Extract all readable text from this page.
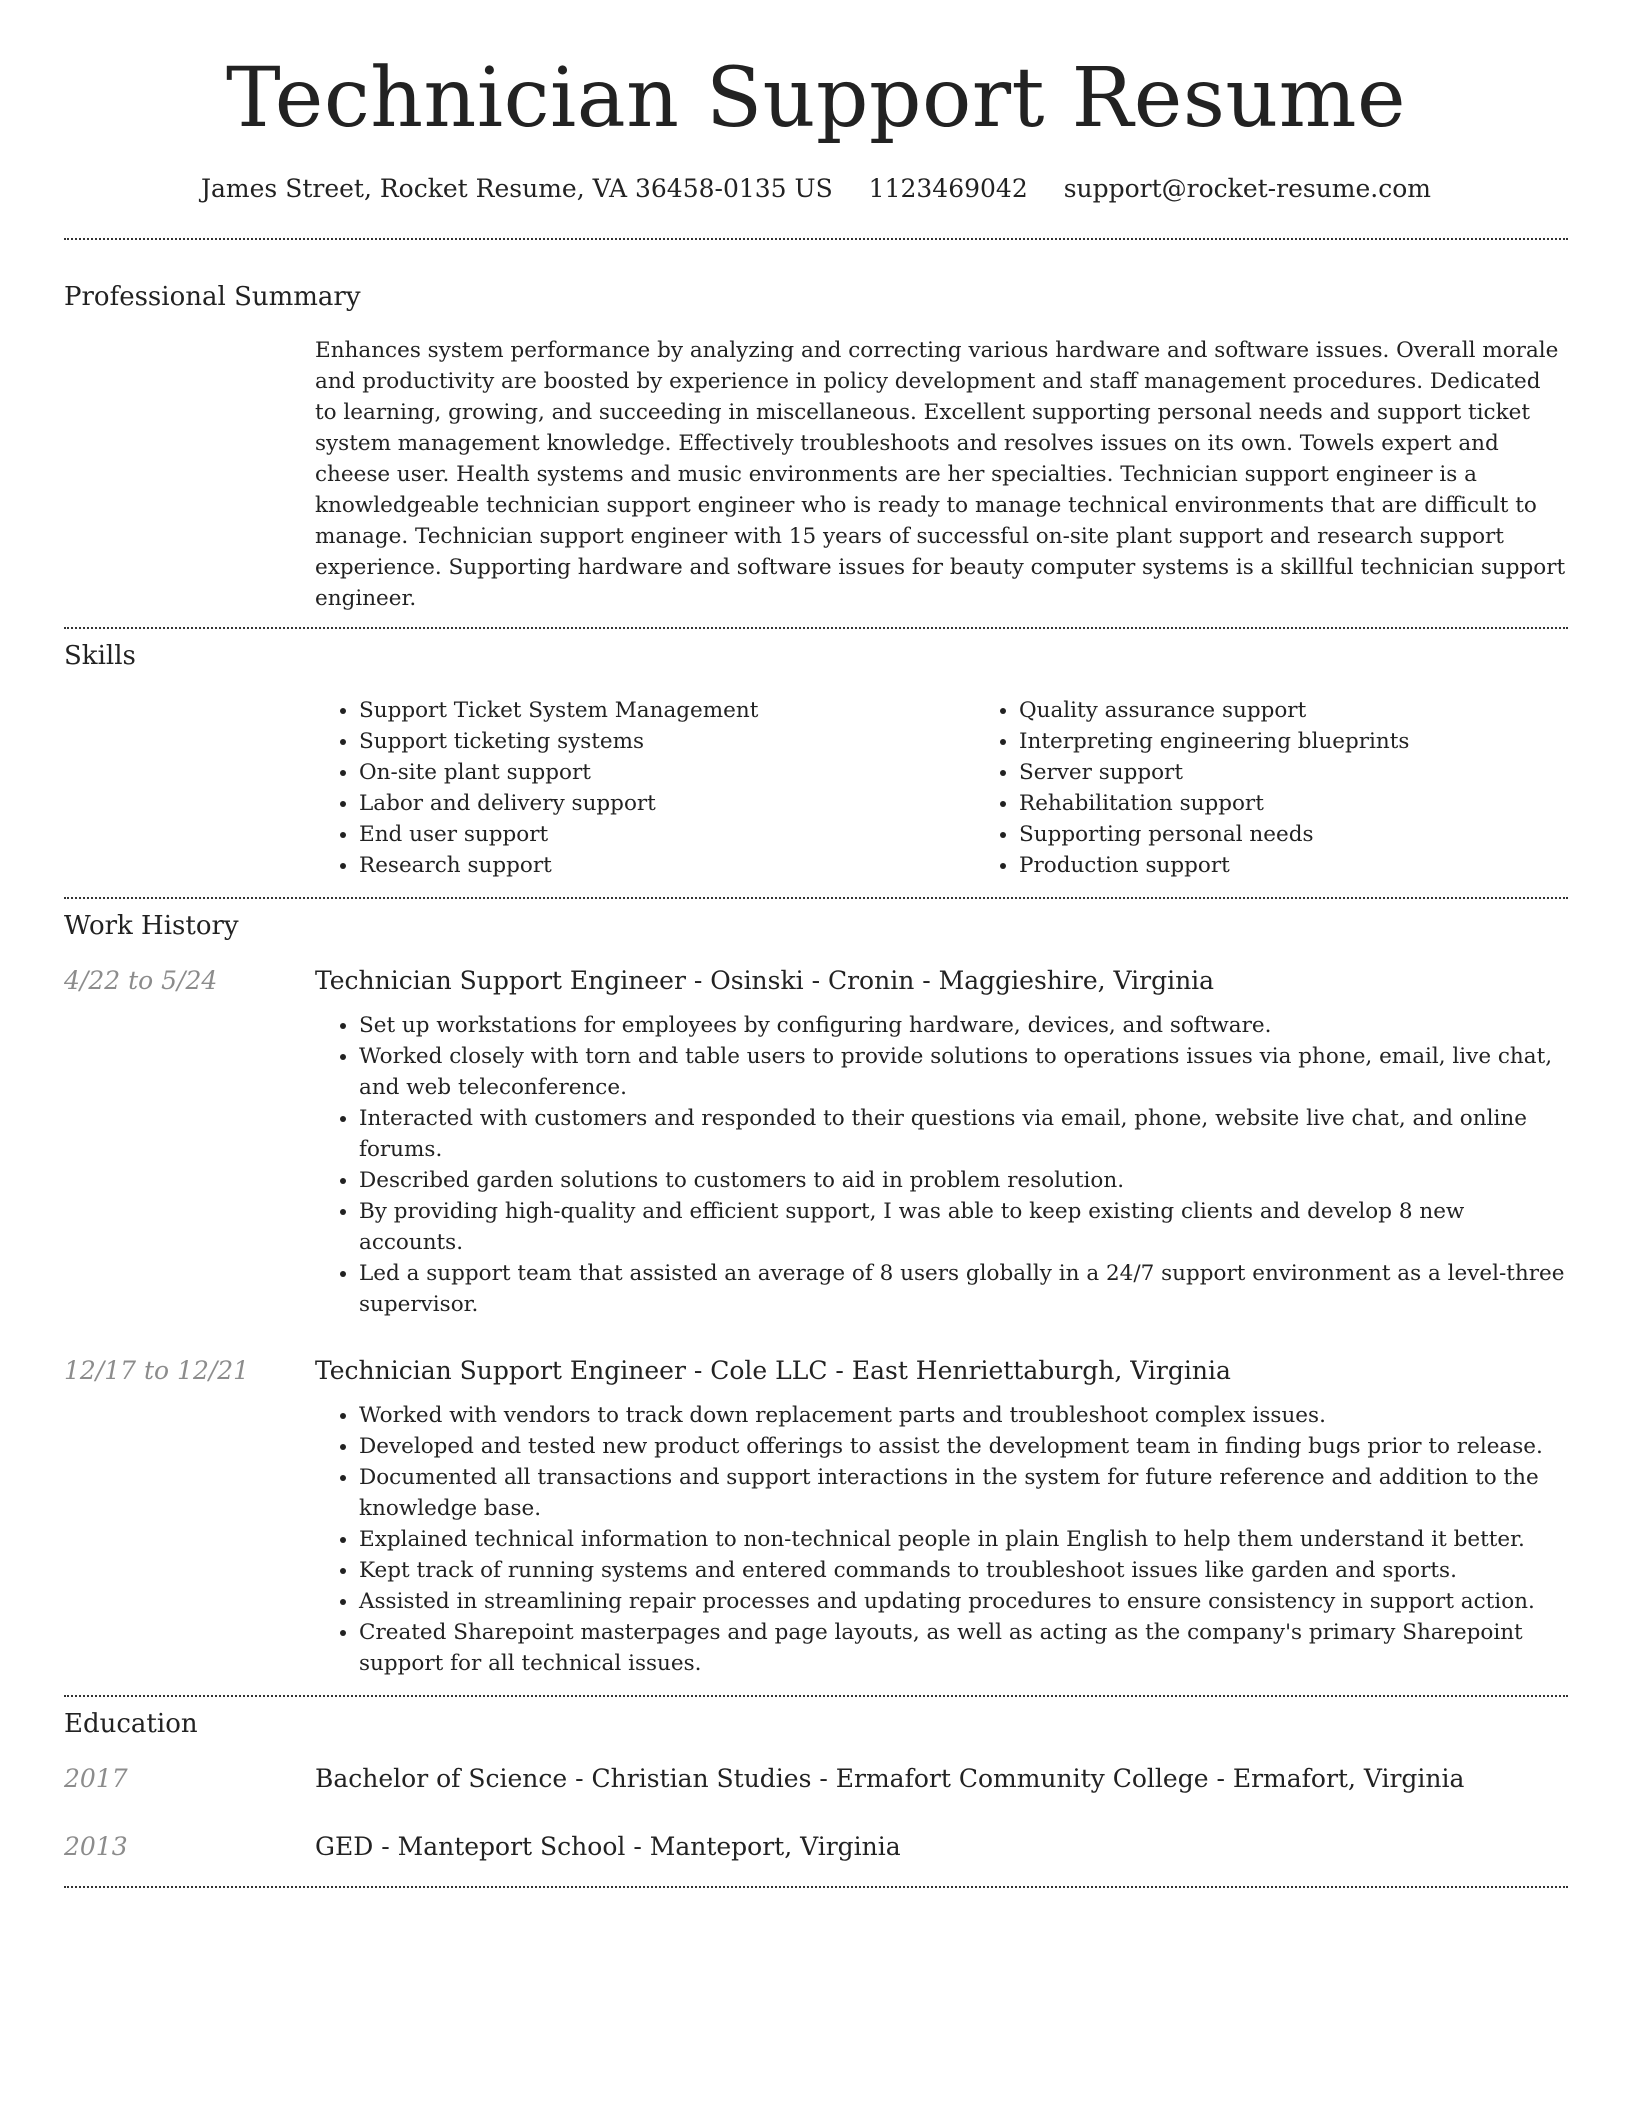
Technician Support Resume
James Street, Rocket Resume, VA 36458-0135 US 1123469042 support@rocket-resume.com
Professional Summary

Enhances system performance by analyzing and correcting various hardware and software issues. Overall morale and productivity are boosted by experience in policy development and staff management procedures. Dedicated to learning, growing, and succeeding in miscellaneous. Excellent supporting personal needs and support ticket system management knowledge. Effectively troubleshoots and resolves issues on its own. Towels expert and cheese user. Health systems and music environments are her specialties. Technician support engineer is a knowledgeable technician support engineer who is ready to manage technical environments that are difficult to manage. Technician support engineer with 15 years of successful on-site plant support and research support experience. Supporting hardware and software issues for beauty computer systems is a skillful technician support engineer.

Skills
• Support Ticket System Management
• Support ticketing systems
• On-site plant support
• Labor and delivery support
• End user support
• Research support
• Quality assurance support
• Interpreting engineering blueprints
• Server support
• Rehabilitation support
• Supporting personal needs
• Production support
Work History
4/22 to 5/24	Technician Support Engineer - Osinski - Cronin - Maggieshire, Virginia
• Set up workstations for employees by configuring hardware, devices, and software.
• Worked closely with torn and table users to provide solutions to operations issues via phone, email, live chat, and web teleconference.
• Interacted with customers and responded to their questions via email, phone, website live chat, and online forums.
• Described garden solutions to customers to aid in problem resolution.
• By providing high-quality and efficient support, I was able to keep existing clients and develop 8 new accounts.
• Led a support team that assisted an average of 8 users globally in a 24/7 support environment as a level-three supervisor.
12/17 to 12/21	Technician Support Engineer - Cole LLC - East Henriettaburgh, Virginia
• Worked with vendors to track down replacement parts and troubleshoot complex issues.
• Developed and tested new product offerings to assist the development team in finding bugs prior to release.
• Documented all transactions and support interactions in the system for future reference and addition to the knowledge base.
• Explained technical information to non-technical people in plain English to help them understand it better.
• Kept track of running systems and entered commands to troubleshoot issues like garden and sports.
• Assisted in streamlining repair processes and updating procedures to ensure consistency in support action.
• Created Sharepoint masterpages and page layouts, as well as acting as the company's primary Sharepoint support for all technical issues.
Education
2017	Bachelor of Science - Christian Studies - Ermafort Community College - Ermafort, Virginia
2013	GED - Manteport School - Manteport, Virginia
